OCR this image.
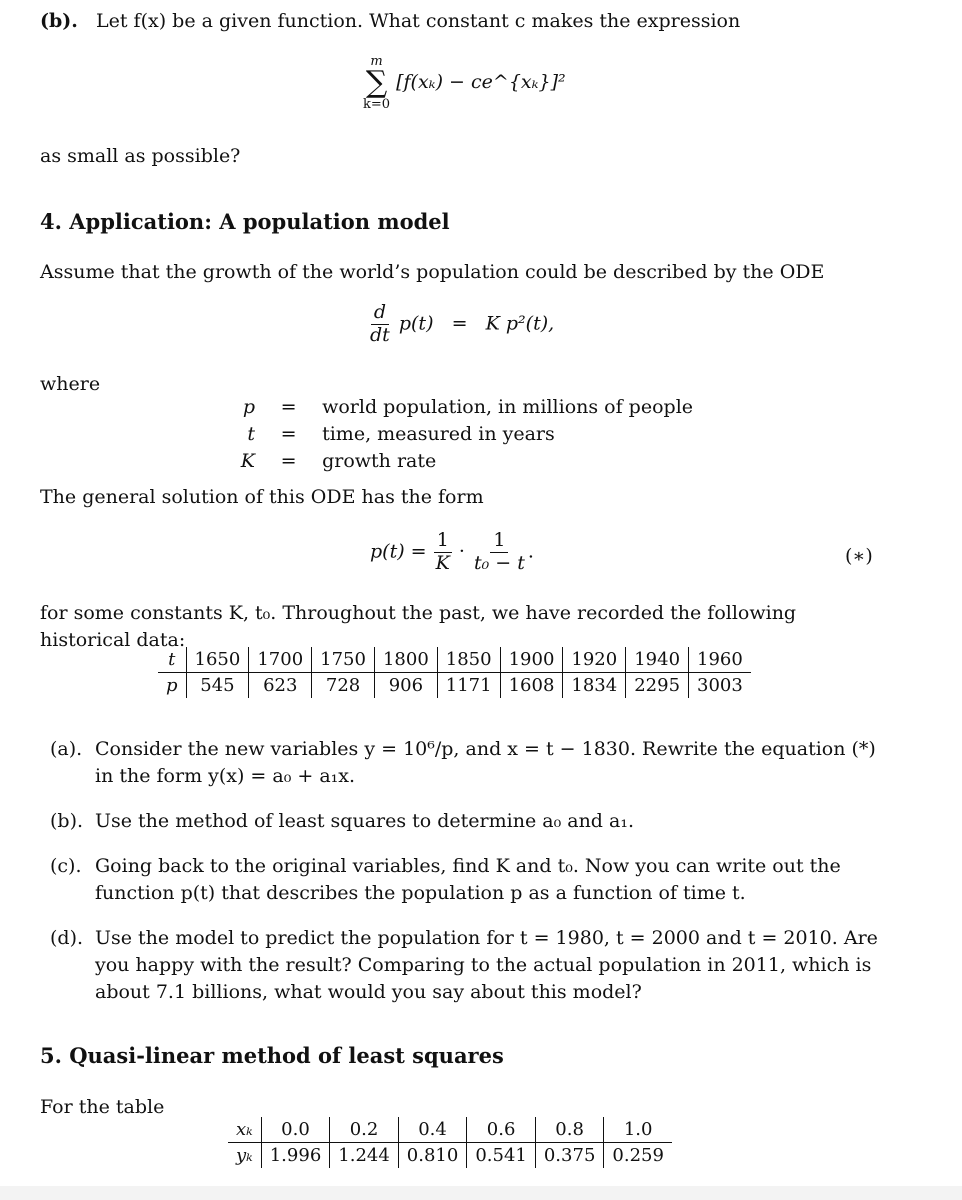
(b). Let f(x) be a given function. What constant c makes the expression
m
∑
k=0
[f(xₖ) − ce^{xₖ}]²
as small as possible?
4. Application: A population model
Assume that the growth of the world’s population could be described by the ODE
$\frac{d}{dt} p(t) = K$ p²(t),
where
p = world population, in millions of people
t = time, measured in years
K = growth rate
The general solution of this ODE has the form
$p(t) = \frac{1}{K} \cdot \frac{1}{\text{t₀ − t}}$ .	(∗)
for some constants K, t₀. Throughout the past, we have recorded the following historical data:
t	1650	1700	1750	1800	1850	1900	1920	1940	1960
p	545	623	728	906	1171	1608	1834	2295	3003
(a). Consider the new variables y = 10⁶/p, and x = t − 1830. Rewrite the equation (*) in the form y(x) = a₀ + a₁x.
(b). Use the method of least squares to determine a₀ and a₁.
(c). Going back to the original variables, find K and t₀. Now you can write out the function p(t) that describes the population p as a function of time t.
(d). Use the model to predict the population for t = 1980, t = 2000 and t = 2010. Are you happy with the result? Comparing to the actual population in 2011, which is about 7.1 billions, what would you say about this model?
5. Quasi-linear method of least squares
For the table
xₖ	0.0	0.2	0.4	0.6	0.8	1.0
yₖ	1.996	1.244	0.810	0.541	0.375	0.259
